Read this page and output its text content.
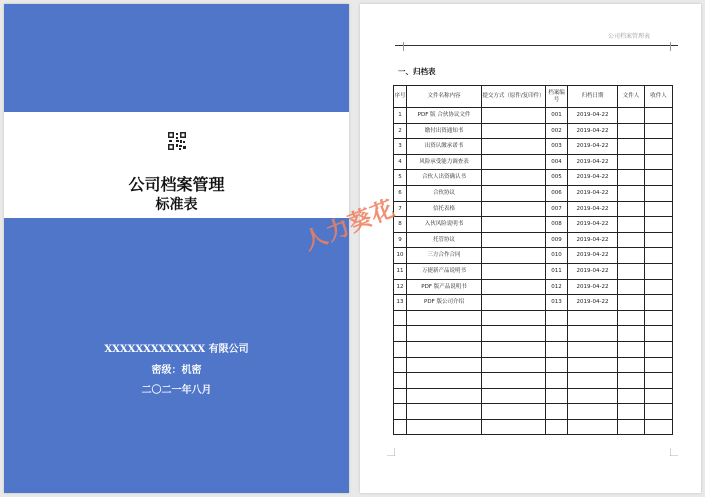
公司档案管理
标准表
XXXXXXXXXXXXX 有限公司
密级：机密
二〇二一年八月
公司档案管理表
一、归档表
序号	文件名称内容	提交方式（原件/复印件）	档案编号	归档日期	文件人	收件人
1	PDF 版 合伙协议文件		001	2019-04-22		
2	缴付出资通知书		002	2019-04-22		
3	出资认缴承诺书		003	2019-04-22		
4	风险承受能力调查表		004	2019-04-22		
5	合伙人出资确认书		005	2019-04-22		
6	合伙协议		006	2019-04-22		
7	信托表格		007	2019-04-22		
8	入伙风险说明书		008	2019-04-22		
9	托管协议		009	2019-04-22		
10	三方合作合同		010	2019-04-22		
11	万捷新产品说明书		011	2019-04-22		
12	PDF 版产品说明书		012	2019-04-22		
13	PDF 版公司介绍		013	2019-04-22		

人力葵花
